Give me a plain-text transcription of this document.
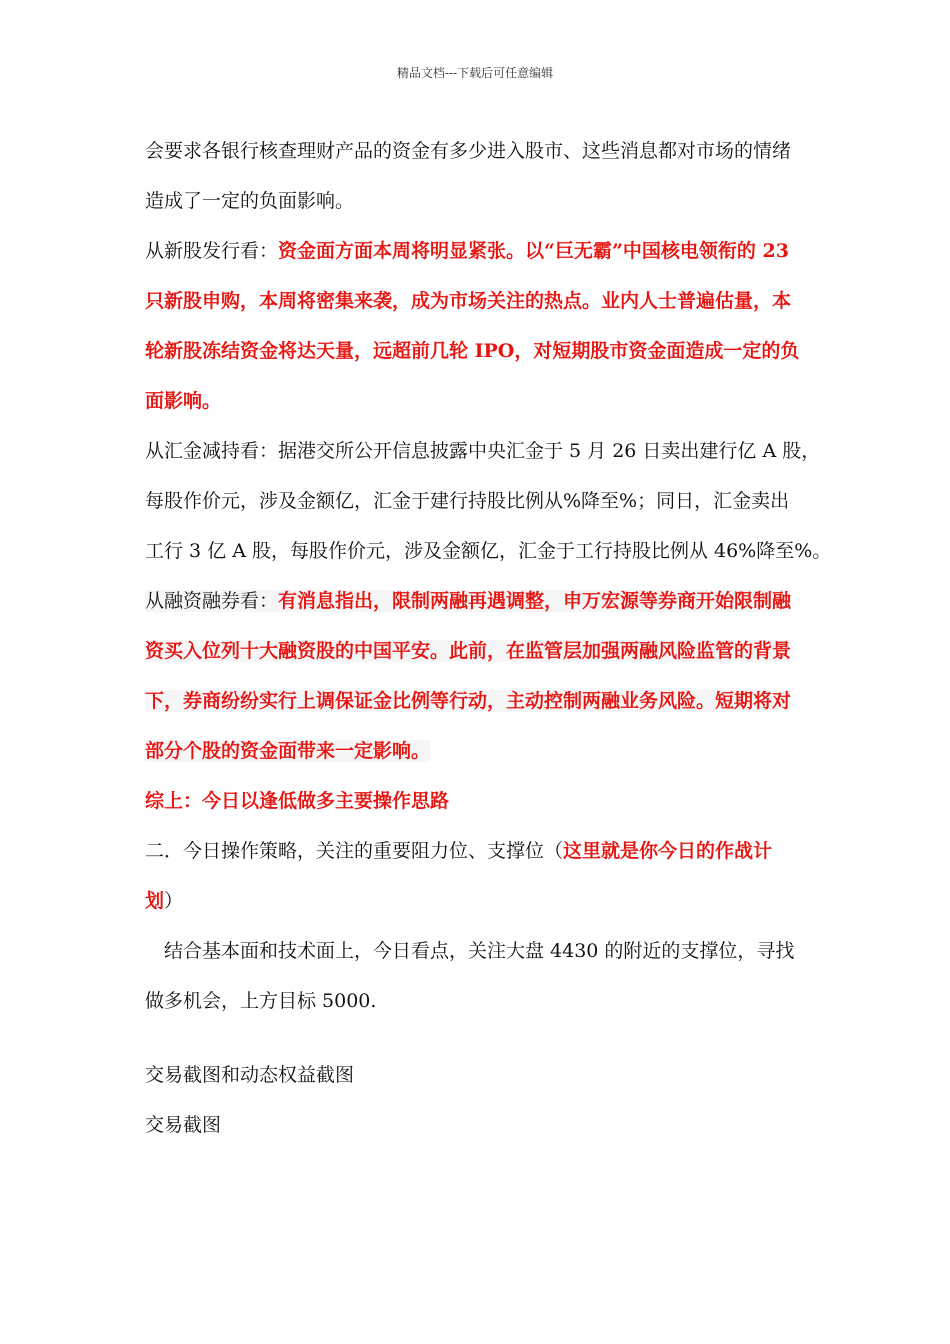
精品文档---下载后可任意编辑
会要求各银行核查理财产品的资金有多少进入股市、这些消息都对市场的情绪
造成了一定的负面影响。
从新股发行看：资金面方面本周将明显紧张。以“巨无霸”中国核电领衔的 23
只新股申购，本周将密集来袭，成为市场关注的热点。业内人士普遍估量，本
轮新股冻结资金将达天量，远超前几轮 IPO，对短期股市资金面造成一定的负
面影响。
从汇金减持看：据港交所公开信息披露中央汇金于 5 月 26 日卖出建行亿 A 股，
每股作价元，涉及金额亿，汇金于建行持股比例从%降至%；同日，汇金卖出
工行 3 亿 A 股，每股作价元，涉及金额亿，汇金于工行持股比例从 46%降至%。
从融资融券看：有消息指出，限制两融再遇调整，申万宏源等券商开始限制融
资买入位列十大融资股的中国平安。此前，在监管层加强两融风险监管的背景
下，券商纷纷实行上调保证金比例等行动，主动控制两融业务风险。短期将对
部分个股的资金面带来一定影响。
综上：今日以逢低做多主要操作思路
二．今日操作策略，关注的重要阻力位、支撑位（这里就是你今日的作战计
划）
　结合基本面和技术面上，今日看点，关注大盘 4430 的附近的支撑位，寻找
做多机会，上方目标 5000.
交易截图和动态权益截图
交易截图
